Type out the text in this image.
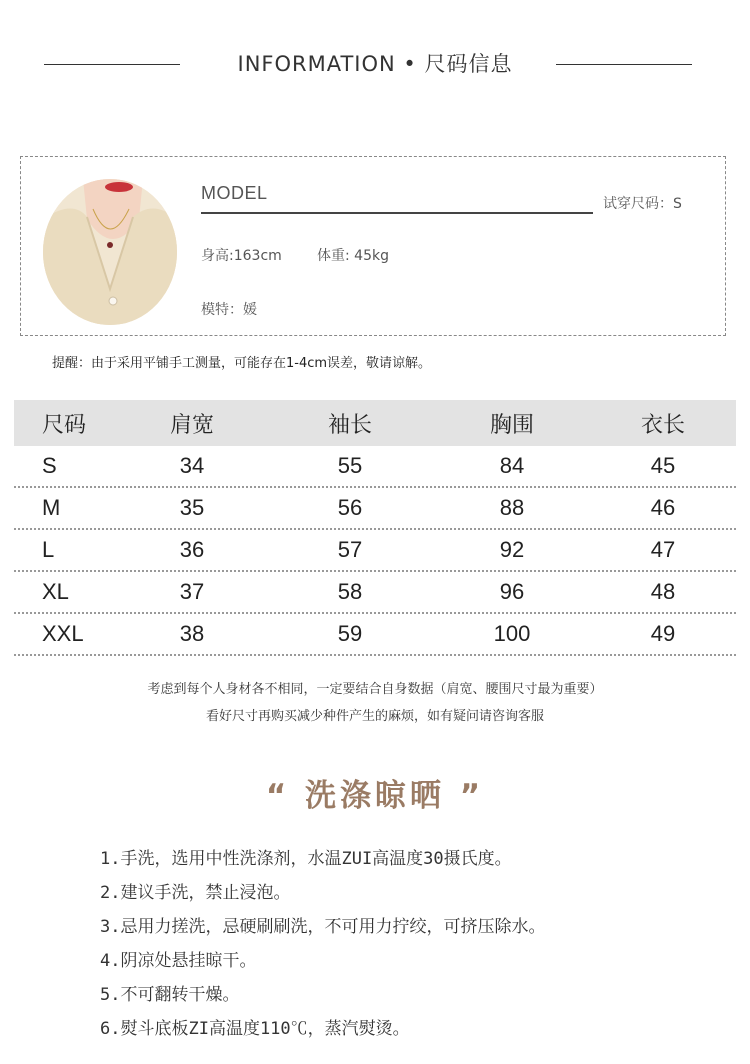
INFORMATION • 尺码信息
MODEL
试穿尺码：S
身高:163cm	体重: 45kg
模特：媛
提醒：由于采用平铺手工测量，可能存在1-4cm误差，敬请谅解。
尺码	肩宽	袖长	胸围	衣长
S	34	55	84	45
M	35	56	88	46
L	36	57	92	47
XL	37	58	96	48
XXL	38	59	100	49
考虑到每个人身材各不相同，一定要结合自身数据（肩宽、腰围尺寸最为重要）
看好尺寸再购买减少种件产生的麻烦，如有疑问请咨询客服
“ 洗涤晾晒 ”
1.手洗，选用中性洗涤剂，水温ZUI高温度30摄氏度。
2.建议手洗，禁止浸泡。
3.忌用力搓洗，忌硬刷刷洗，不可用力拧绞，可挤压除水。
4.阴凉处悬挂晾干。
5.不可翻转干燥。
6.熨斗底板ZI高温度110℃，蒸汽熨烫。
